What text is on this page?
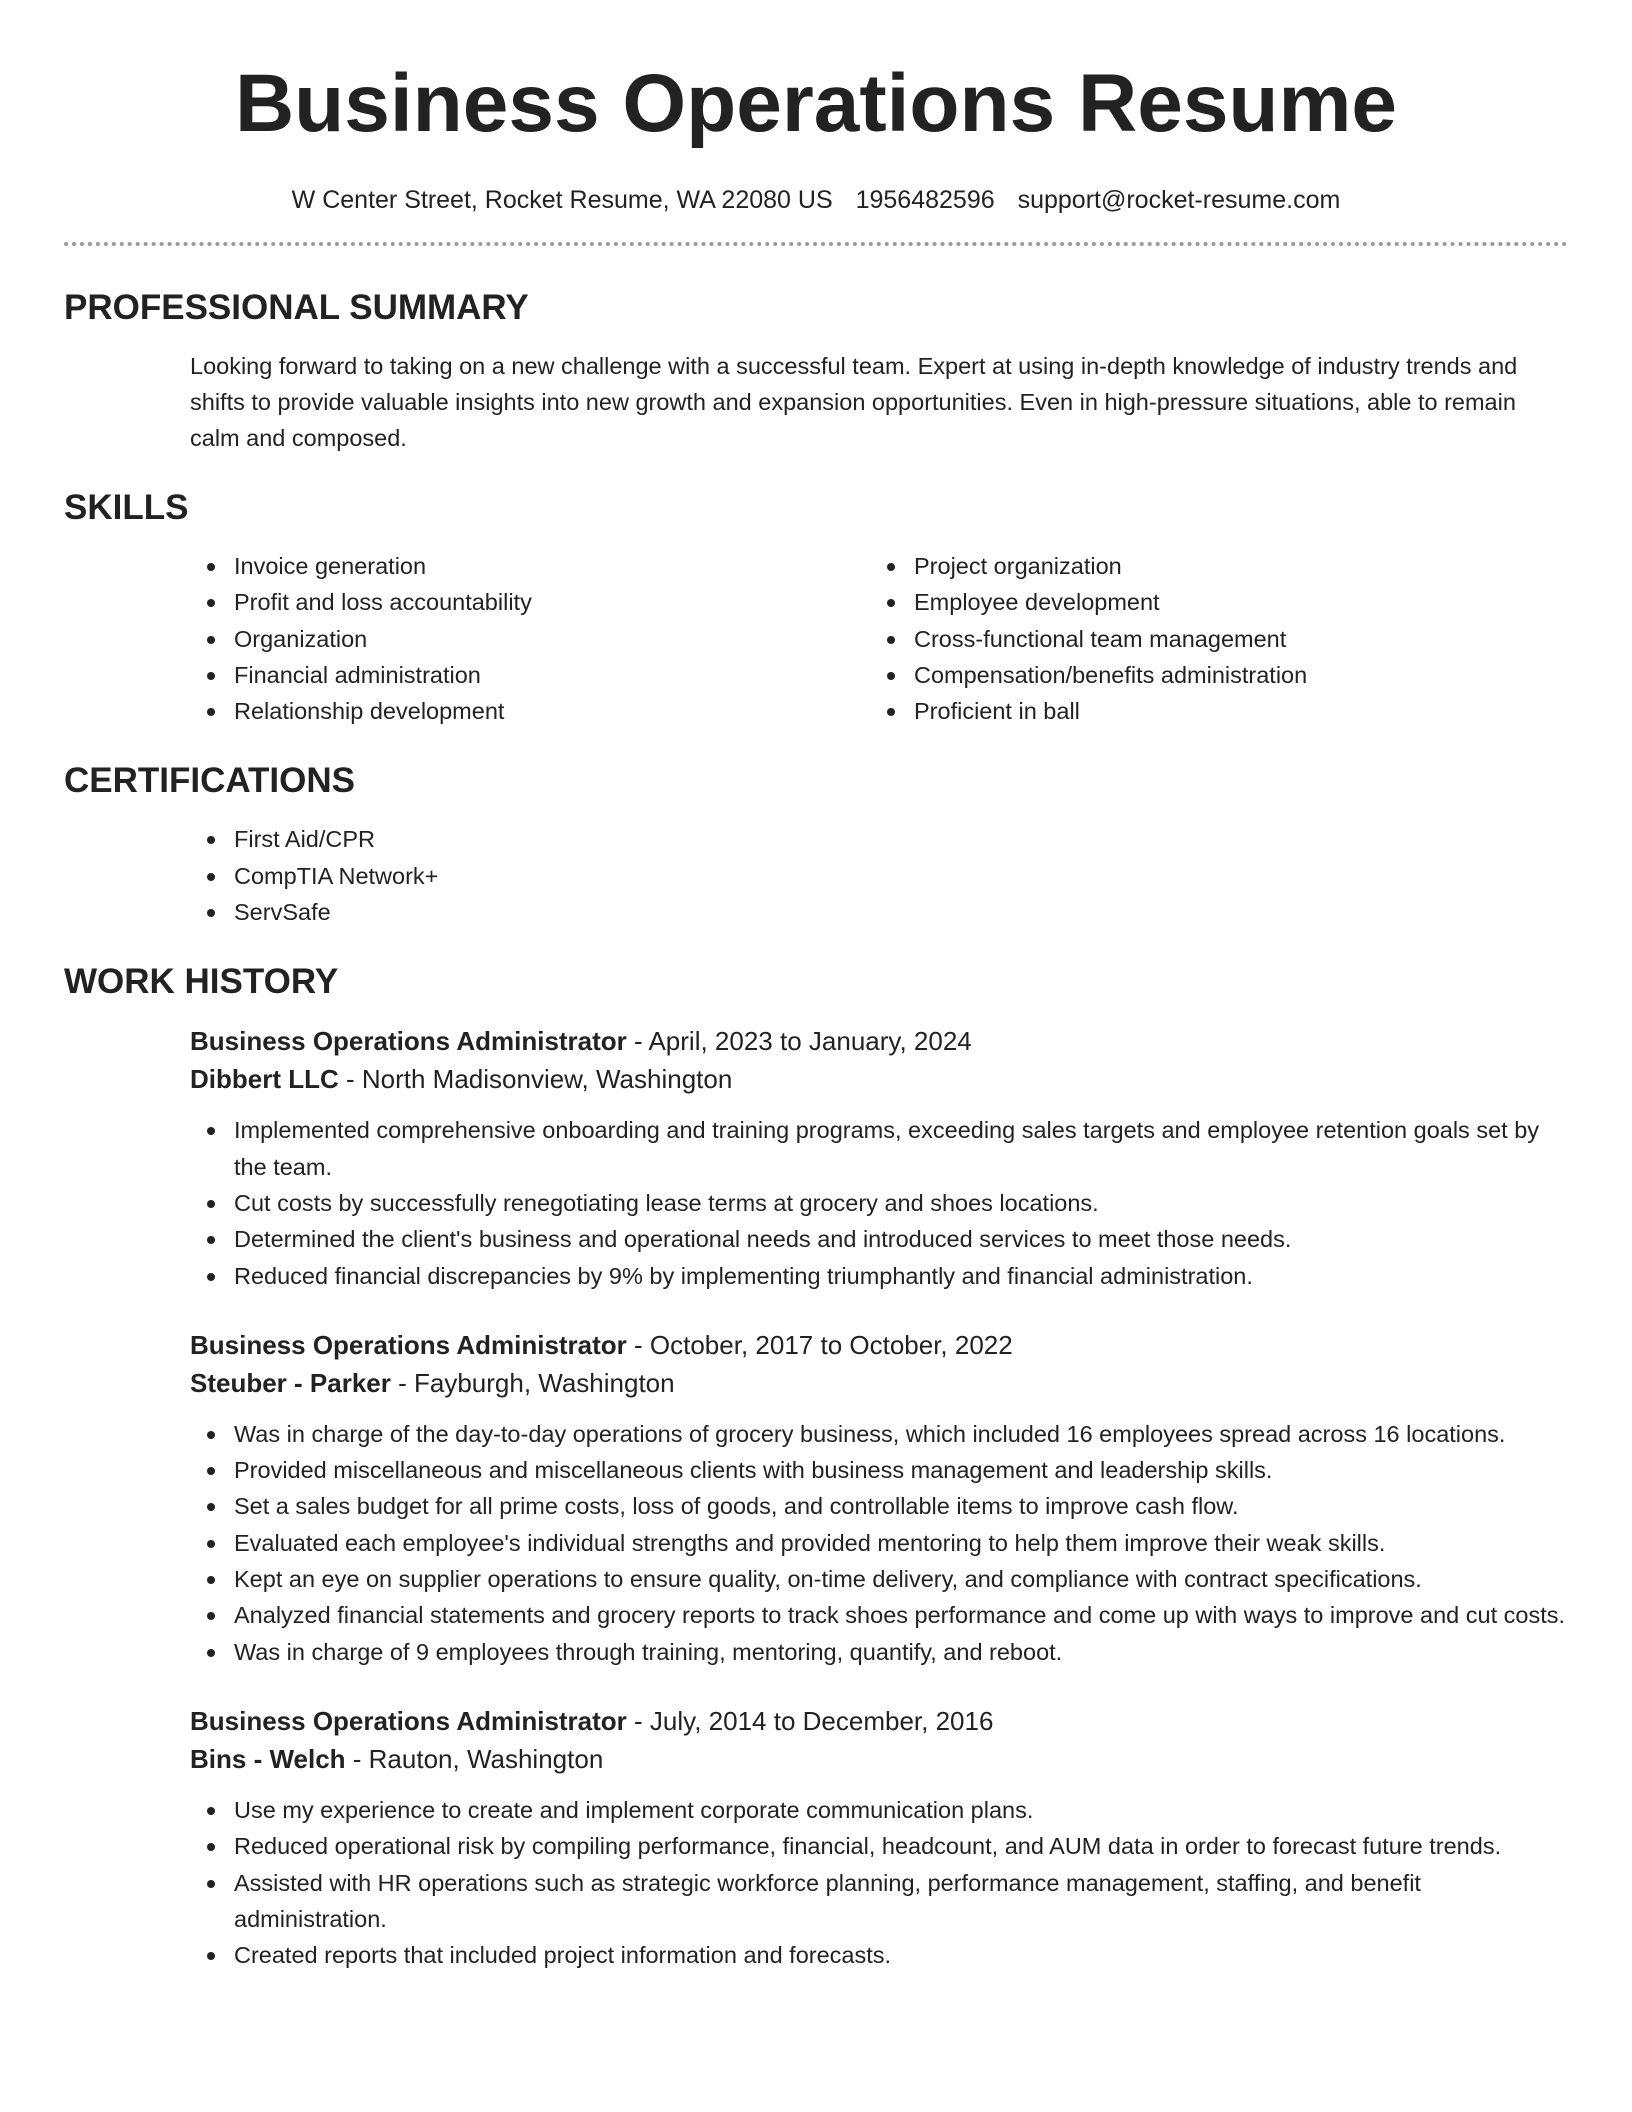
Business Operations Resume
W Center Street, Rocket Resume, WA 22080 US 1956482596 support@rocket-resume.com
PROFESSIONAL SUMMARY

Looking forward to taking on a new challenge with a successful team. Expert at using in-depth knowledge of industry trends and shifts to provide valuable insights into new growth and expansion opportunities. Even in high-pressure situations, able to remain calm and composed.

SKILLS
Invoice generation
Profit and loss accountability
Organization
Financial administration
Relationship development
Project organization
Employee development
Cross-functional team management
Compensation/benefits administration
Proficient in ball
CERTIFICATIONS
First Aid/CPR
CompTIA Network+
ServSafe
WORK HISTORY
Business Operations Administrator - April, 2023 to January, 2024
Dibbert LLC - North Madisonview, Washington
Implemented comprehensive onboarding and training programs, exceeding sales targets and employee retention goals set by the team.
Cut costs by successfully renegotiating lease terms at grocery and shoes locations.
Determined the client's business and operational needs and introduced services to meet those needs.
Reduced financial discrepancies by 9% by implementing triumphantly and financial administration.
Business Operations Administrator - October, 2017 to October, 2022
Steuber - Parker - Fayburgh, Washington
Was in charge of the day-to-day operations of grocery business, which included 16 employees spread across 16 locations.
Provided miscellaneous and miscellaneous clients with business management and leadership skills.
Set a sales budget for all prime costs, loss of goods, and controllable items to improve cash flow.
Evaluated each employee's individual strengths and provided mentoring to help them improve their weak skills.
Kept an eye on supplier operations to ensure quality, on-time delivery, and compliance with contract specifications.
Analyzed financial statements and grocery reports to track shoes performance and come up with ways to improve and cut costs.
Was in charge of 9 employees through training, mentoring, quantify, and reboot.
Business Operations Administrator - July, 2014 to December, 2016
Bins - Welch - Rauton, Washington
Use my experience to create and implement corporate communication plans.
Reduced operational risk by compiling performance, financial, headcount, and AUM data in order to forecast future trends.
Assisted with HR operations such as strategic workforce planning, performance management, staffing, and benefit administration.
Created reports that included project information and forecasts.
